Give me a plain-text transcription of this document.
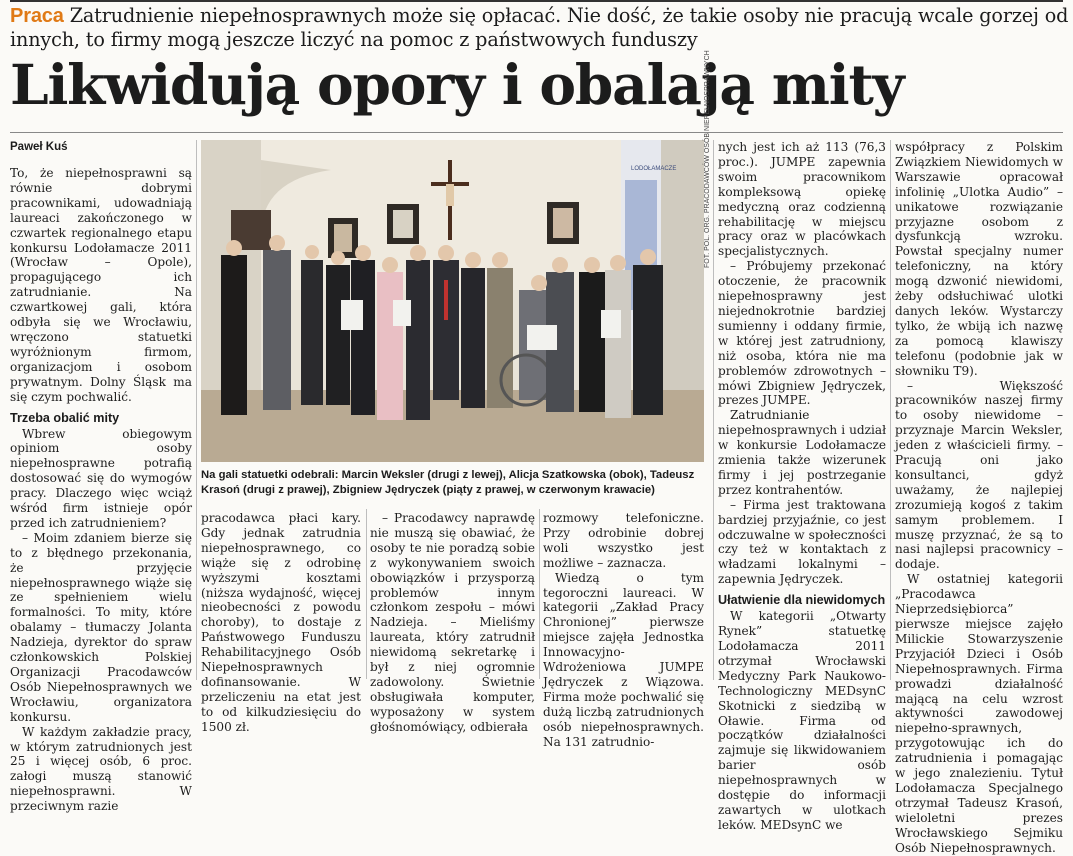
Praca Zatrudnienie niepełnosprawnych może się opłacać. Nie dość, że takie osoby nie pracują wcale gorzej od innych, to firmy mogą jeszcze liczyć na pomoc z państwowych funduszy
Likwidują opory i obalają mity
Paweł Kuś
LODOŁAMACZE	FOT. POL. ORG. PRACODAWCÓW OSÓB NIEPEŁNOSPRAWNYCH
Na gali statuetki odebrali: Marcin Weksler (drugi z lewej), Alicja Szatkowska (obok), Tadeusz Krasoń (drugi z prawej), Zbigniew Jędryczek (piąty z prawej, w czerwonym krawacie)

To, że niepełnosprawni są równie dobrymi pracownikami, udowadniają laureaci zakończonego w czwartek regionalnego etapu konkursu Lodołamacze 2011 (Wrocław – Opole), propagującego ich zatrudnianie. Na czwartkowej gali, która odbyła się we Wrocławiu, wręczono statuetki wyróżnionym firmom, organizacjom i osobom prywatnym. Dolny Śląsk ma się czym pochwalić.

Trzeba obalić mity

Wbrew obiegowym opiniom osoby niepełnosprawne potrafią dostosować się do wymogów pracy. Dlaczego więc wciąż wśród firm istnieje opór przed ich zatrudnieniem?

– Moim zdaniem bierze się to z błędnego przekonania, że przyjęcie niepełnosprawnego wiąże się ze spełnieniem wielu formalności. To mity, które obalamy – tłumaczy Jolanta Nadzieja, dyrektor do spraw członkowskich Polskiej Organizacji Pracodawców Osób Niepełnosprawnych we Wrocławiu, organizatora konkursu.

W każdym zakładzie pracy, w którym zatrudnionych jest 25 i więcej osób, 6 proc. załogi muszą stanowić niepełnosprawni. W przeciwnym razie

pracodawca płaci kary. Gdy jednak zatrudnia niepełnosprawnego, co wiąże się z odrobinę wyższymi kosztami (niższa wydajność, więcej nieobecności z powodu choroby), to dostaje z Państwowego Funduszu Rehabilitacyjnego Osób Niepełnosprawnych dofinansowanie. W przeliczeniu na etat jest to od kilkudziesięciu do 1500 zł.

– Pracodawcy naprawdę nie muszą się obawiać, że osoby te nie poradzą sobie z wykonywaniem swoich obowiązków i przysporzą problemów innym członkom zespołu – mówi Nadzieja. – Mieliśmy laureata, który zatrudnił niewidomą sekretarkę i był z niej ogromnie zadowolony. Świetnie obsługiwała komputer, wyposażony w system głośnomówiący, odbierała

rozmowy telefoniczne. Przy odrobinie dobrej woli wszystko jest możliwe – zaznacza.

Wiedzą o tym tegoroczni laureaci. W kategorii „Zakład Pracy Chronionej” pierwsze miejsce zajęła Jednostka Innowacyjno-Wdrożeniowa JUMPE Jędryczek z Wiązowa. Firma może pochwalić się dużą liczbą zatrudnionych osób niepełnosprawnych. Na 131 zatrudnio-

nych jest ich aż 113 (76,3 proc.). JUMPE zapewnia swoim pracownikom kompleksową opiekę medyczną oraz codzienną rehabilitację w miejscu pracy oraz w placówkach specjalistycznych.

– Próbujemy przekonać otoczenie, że pracownik niepełnosprawny jest niejednokrotnie bardziej sumienny i oddany firmie, w której jest zatrudniony, niż osoba, która nie ma problemów zdrowotnych – mówi Zbigniew Jędryczek, prezes JUMPE.

Zatrudnianie niepełnosprawnych i udział w konkursie Lodołamacze zmienia także wizerunek firmy i jej postrzeganie przez kontrahentów.

– Firma jest traktowana bardziej przyjaźnie, co jest odczuwalne w społeczności czy też w kontaktach z władzami lokalnymi – zapewnia Jędryczek.

Ułatwienie dla niewidomych

W kategorii „Otwarty Rynek” statuetkę Lodołamacza 2011 otrzymał Wrocławski Medyczny Park Naukowo-Technologiczny MEDsynC Skotnicki z siedzibą w Oławie. Firma od początków działalności zajmuje się likwidowaniem barier osób niepełnosprawnych w dostępie do informacji zawartych w ulotkach leków. MEDsynC we

współpracy z Polskim Związkiem Niewidomych w Warszawie opracował infolinię „Ulotka Audio” – unikatowe rozwiązanie przyjazne osobom z dysfunkcją wzroku. Powstał specjalny numer telefoniczny, na który mogą dzwonić niewidomi, żeby odsłuchiwać ulotki danych leków. Wystarczy tylko, że wbiją ich nazwę za pomocą klawiszy telefonu (podobnie jak w słowniku T9).

– Większość pracowników naszej firmy to osoby niewidome – przyznaje Marcin Weksler, jeden z właścicieli firmy. – Pracują oni jako konsultanci, gdyż uważamy, że najlepiej zrozumieją kogoś z takim samym problemem. I muszę przyznać, że są to nasi najlepsi pracownicy – dodaje.

W ostatniej kategorii „Pracodawca Nieprzedsiębiorca” pierwsze miejsce zajęło Milickie Stowarzyszenie Przyjaciół Dzieci i Osób Niepełnosprawnych. Firma prowadzi działalność mającą na celu wzrost aktywności zawodowej niepełno-sprawnych, przygotowując ich do zatrudnienia i pomagając w jego znalezieniu. Tytuł Lodołamacza Specjalnego otrzymał Tadeusz Krasoń, wieloletni prezes Wrocławskiego Sejmiku Osób Niepełnosprawnych.
